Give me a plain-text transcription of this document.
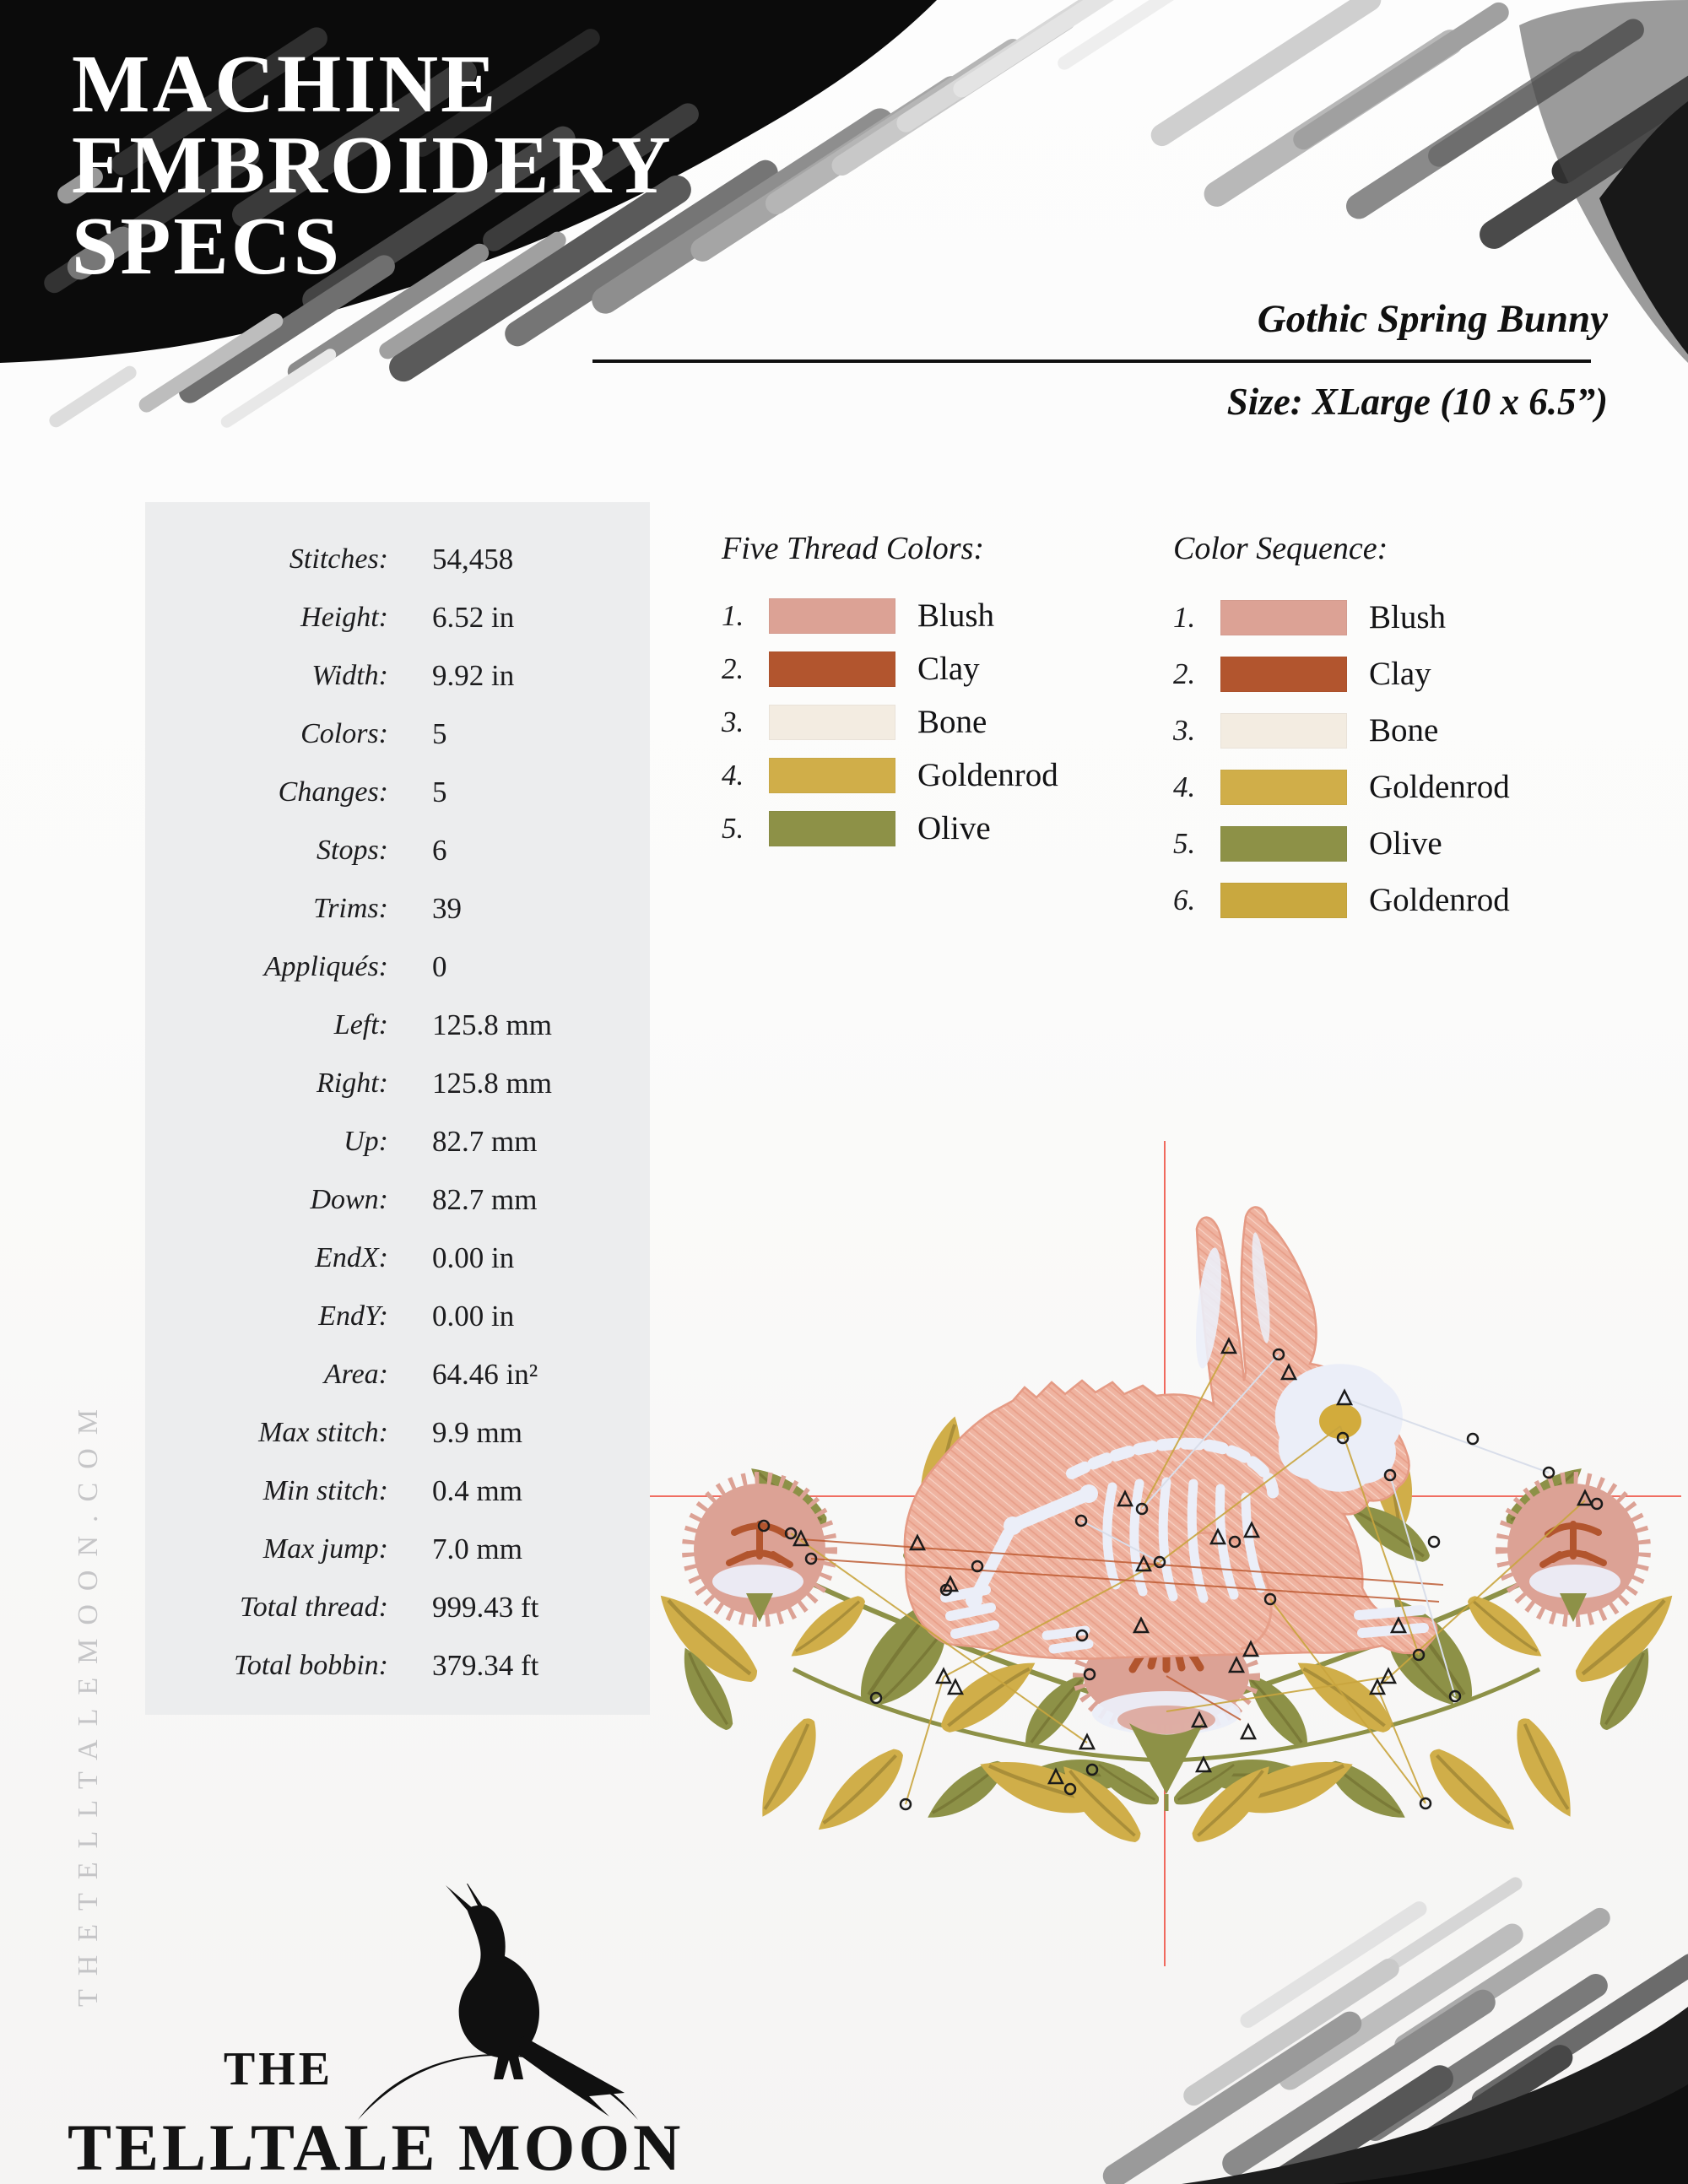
MACHINE
EMBROIDERY
SPECS
Gothic Spring Bunny
Size: XLarge (10 x 6.5”)
Stitches: 54,458
Height: 6.52 in
Width: 9.92 in
Colors: 5
Changes: 5
Stops: 6
Trims: 39
Appliqués: 0
Left: 125.8 mm
Right: 125.8 mm
Up: 82.7 mm
Down: 82.7 mm
EndX: 0.00 in
EndY: 0.00 in
Area: 64.46 in²
Max stitch: 9.9 mm
Min stitch: 0.4 mm
Max jump: 7.0 mm
Total thread: 999.43 ft
Total bobbin: 379.34 ft
Five Thread Colors:
1.	Blush
2.	Clay
3.	Bone
4.	Goldenrod
5.	Olive
Color Sequence:
1.	Blush
2.	Clay
3.	Bone
4.	Goldenrod
5.	Olive
6.	Goldenrod
THETELLTALEMOON.COM
THE
TELLTALE MOON
